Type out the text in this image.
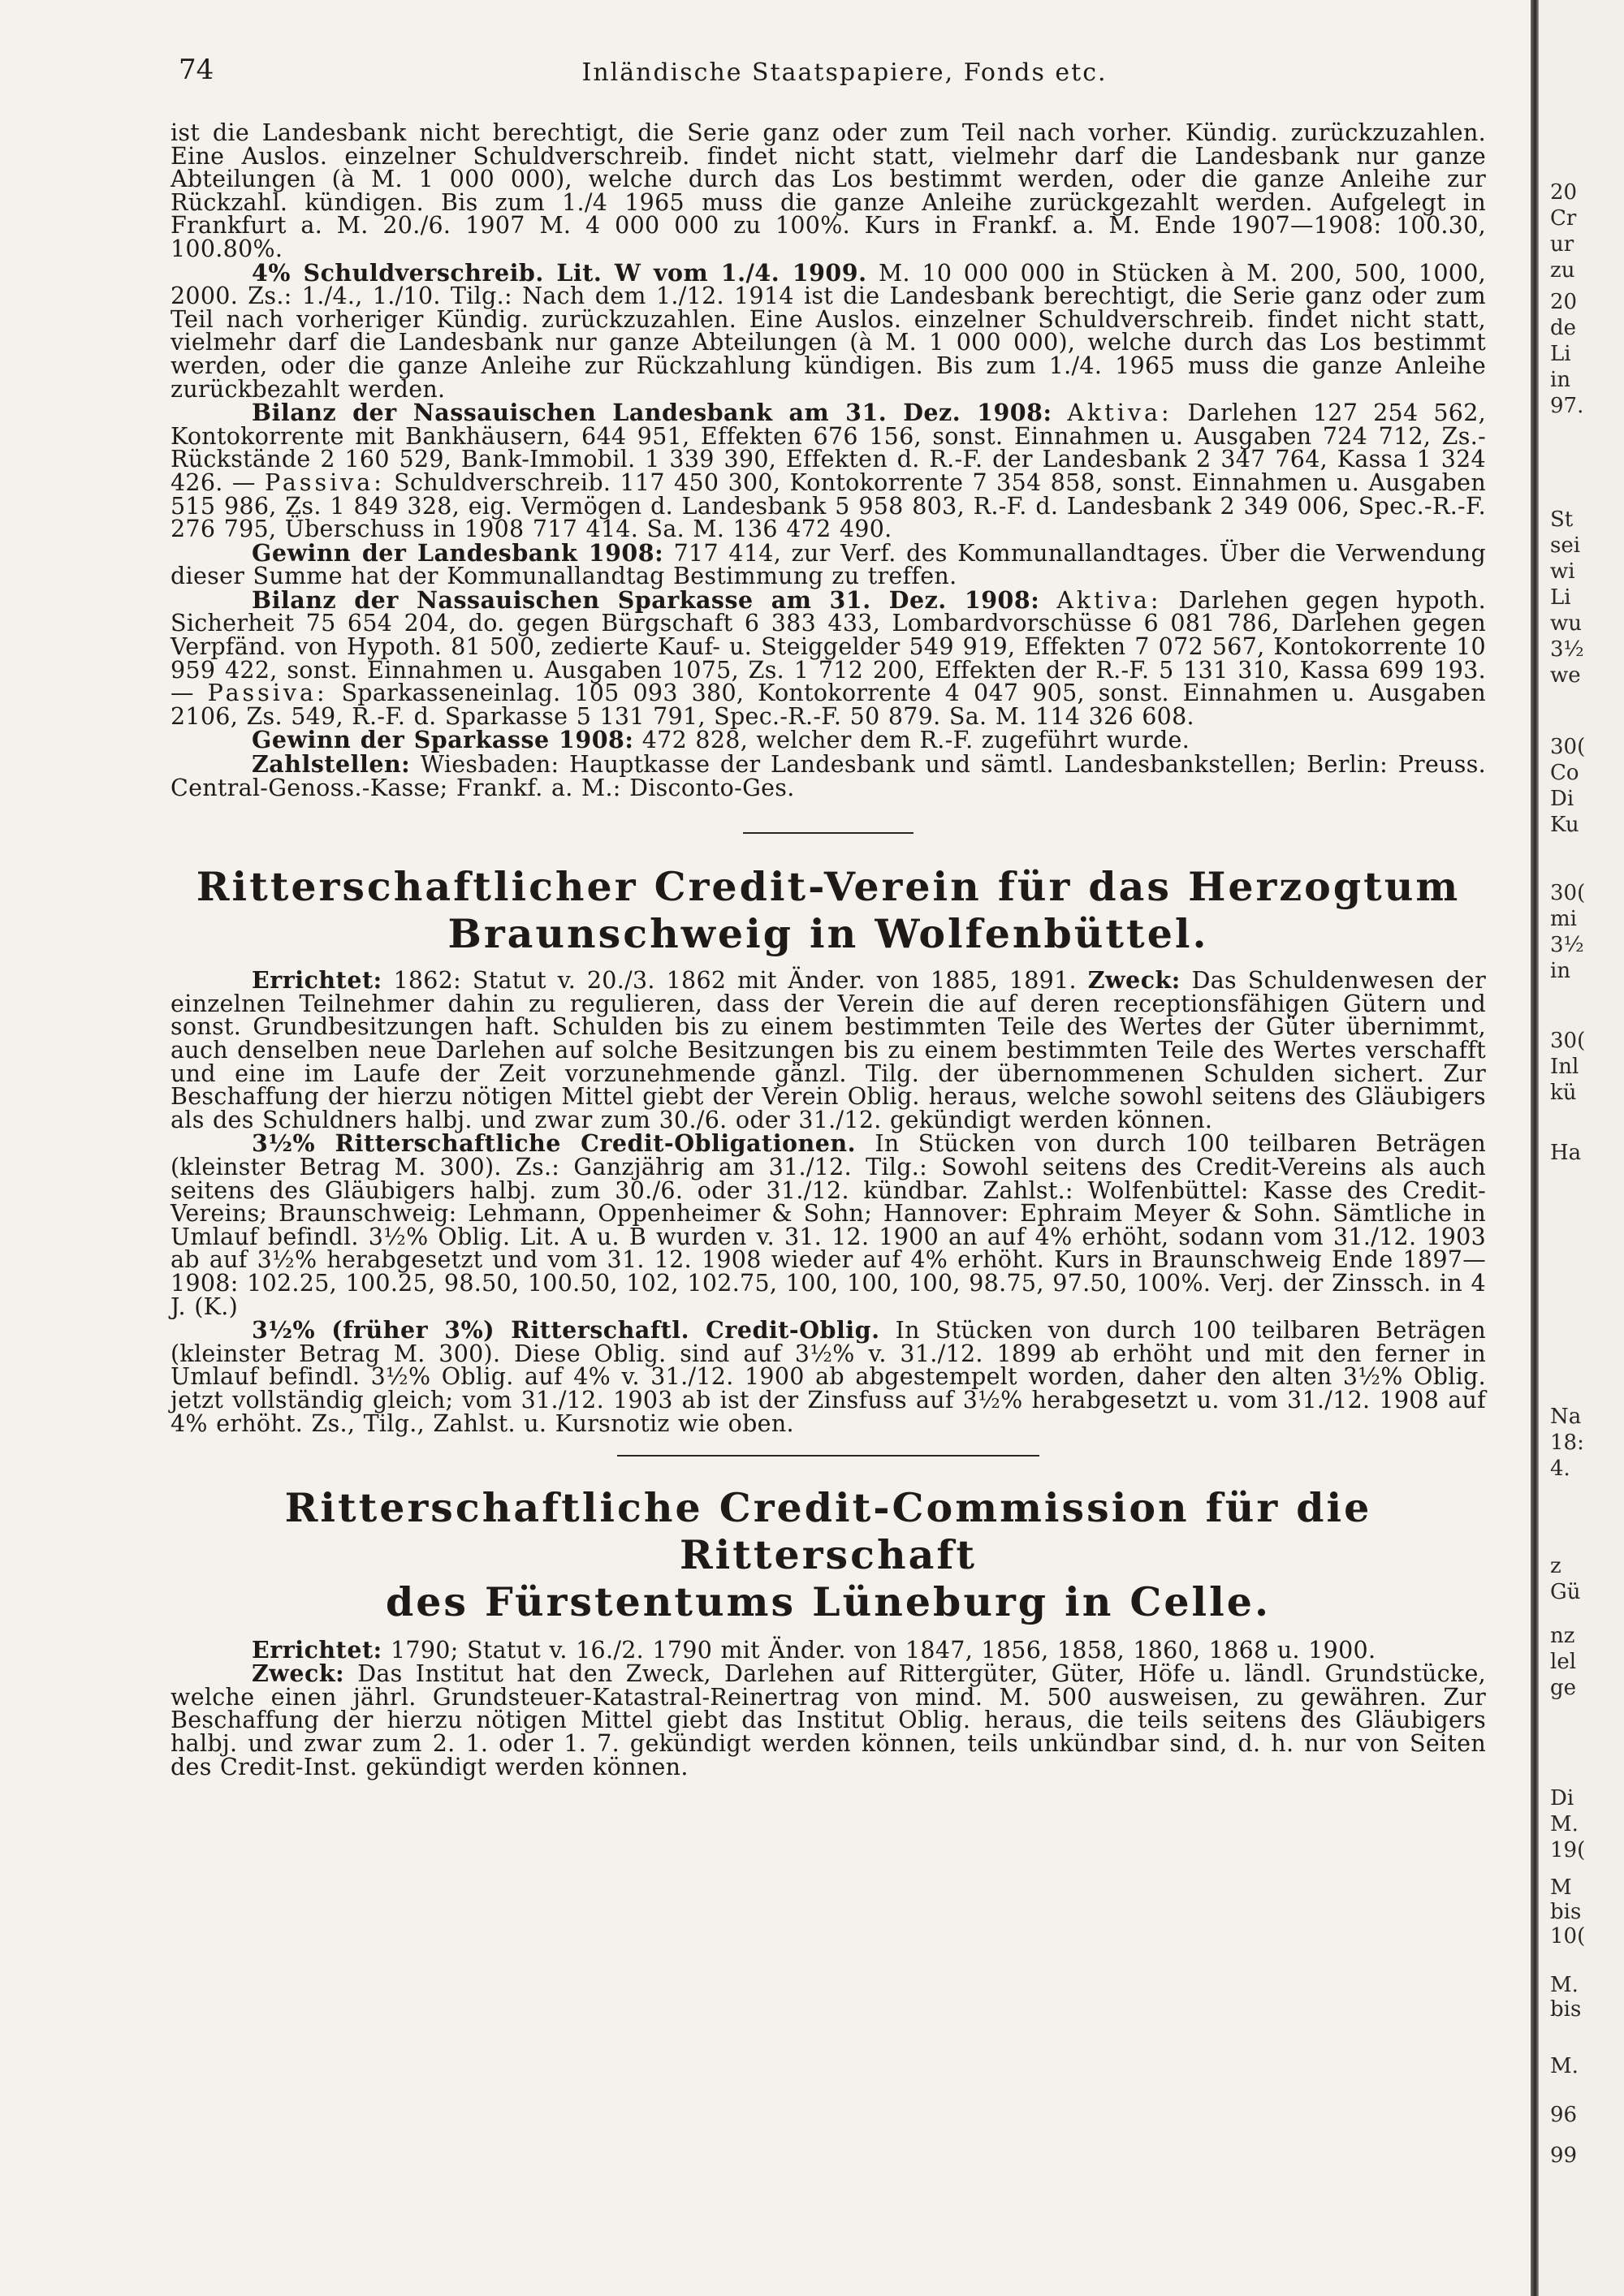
74	Inländische Staatspapiere, Fonds etc.

ist die Landesbank nicht berechtigt, die Serie ganz oder zum Teil nach vorher. Kündig. zurückzuzahlen. Eine Auslos. einzelner Schuldverschreib. findet nicht statt, vielmehr darf die Landesbank nur ganze Abteilungen (à M. 1 000 000), welche durch das Los bestimmt werden, oder die ganze Anleihe zur Rückzahl. kündigen. Bis zum 1./4 1965 muss die ganze Anleihe zurückgezahlt werden. Aufgelegt in Frankfurt a. M. 20./6. 1907 M. 4 000 000 zu 100%. Kurs in Frankf. a. M. Ende 1907—1908: 100.30, 100.80%.

4% Schuldverschreib. Lit. W vom 1./4. 1909. M. 10 000 000 in Stücken à M. 200, 500, 1000, 2000. Zs.: 1./4., 1./10. Tilg.: Nach dem 1./12. 1914 ist die Landesbank berechtigt, die Serie ganz oder zum Teil nach vorheriger Kündig. zurückzuzahlen. Eine Auslos. einzelner Schuldverschreib. findet nicht statt, vielmehr darf die Landesbank nur ganze Abteilungen (à M. 1 000 000), welche durch das Los bestimmt werden, oder die ganze Anleihe zur Rückzahlung kündigen. Bis zum 1./4. 1965 muss die ganze Anleihe zurückbezahlt werden.

Bilanz der Nassauischen Landesbank am 31. Dez. 1908: Aktiva: Darlehen 127 254 562, Kontokorrente mit Bankhäusern, 644 951, Effekten 676 156, sonst. Einnahmen u. Ausgaben 724 712, Zs.-Rückstände 2 160 529, Bank-Immobil. 1 339 390, Effekten d. R.-F. der Landesbank 2 347 764, Kassa 1 324 426. — Passiva: Schuldverschreib. 117 450 300, Kontokorrente 7 354 858, sonst. Einnahmen u. Ausgaben 515 986, Zs. 1 849 328, eig. Vermögen d. Landesbank 5 958 803, R.-F. d. Landesbank 2 349 006, Spec.-R.-F. 276 795, Überschuss in 1908 717 414. Sa. M. 136 472 490.

Gewinn der Landesbank 1908: 717 414, zur Verf. des Kommunallandtages. Über die Verwendung dieser Summe hat der Kommunallandtag Bestimmung zu treffen.

Bilanz der Nassauischen Sparkasse am 31. Dez. 1908: Aktiva: Darlehen gegen hypoth. Sicherheit 75 654 204, do. gegen Bürgschaft 6 383 433, Lombardvorschüsse 6 081 786, Darlehen gegen Verpfänd. von Hypoth. 81 500, zedierte Kauf- u. Steiggelder 549 919, Effekten 7 072 567, Kontokorrente 10 959 422, sonst. Einnahmen u. Ausgaben 1075, Zs. 1 712 200, Effekten der R.-F. 5 131 310, Kassa 699 193. — Passiva: Sparkasseneinlag. 105 093 380, Kontokorrente 4 047 905, sonst. Einnahmen u. Ausgaben 2106, Zs. 549, R.-F. d. Sparkasse 5 131 791, Spec.-R.-F. 50 879. Sa. M. 114 326 608.

Gewinn der Sparkasse 1908: 472 828, welcher dem R.-F. zugeführt wurde.

Zahlstellen: Wiesbaden: Hauptkasse der Landesbank und sämtl. Landesbankstellen; Berlin: Preuss. Central-Genoss.-Kasse; Frankf. a. M.: Disconto-Ges.

Ritterschaftlicher Credit-Verein für das Herzogtum
Braunschweig in Wolfenbüttel.

Errichtet: 1862: Statut v. 20./3. 1862 mit Änder. von 1885, 1891. Zweck: Das Schuldenwesen der einzelnen Teilnehmer dahin zu regulieren, dass der Verein die auf deren receptionsfähigen Gütern und sonst. Grundbesitzungen haft. Schulden bis zu einem bestimmten Teile des Wertes der Güter übernimmt, auch denselben neue Darlehen auf solche Besitzungen bis zu einem bestimmten Teile des Wertes verschafft und eine im Laufe der Zeit vorzunehmende gänzl. Tilg. der übernommenen Schulden sichert. Zur Beschaffung der hierzu nötigen Mittel giebt der Verein Oblig. heraus, welche sowohl seitens des Gläubigers als des Schuldners halbj. und zwar zum 30./6. oder 31./12. gekündigt werden können.

3½% Ritterschaftliche Credit-Obligationen. In Stücken von durch 100 teilbaren Beträgen (kleinster Betrag M. 300). Zs.: Ganzjährig am 31./12. Tilg.: Sowohl seitens des Credit-Vereins als auch seitens des Gläubigers halbj. zum 30./6. oder 31./12. kündbar. Zahlst.: Wolfenbüttel: Kasse des Credit-Vereins; Braunschweig: Lehmann, Oppenheimer & Sohn; Hannover: Ephraim Meyer & Sohn. Sämtliche in Umlauf befindl. 3½% Oblig. Lit. A u. B wurden v. 31. 12. 1900 an auf 4% erhöht, sodann vom 31./12. 1903 ab auf 3½% herabgesetzt und vom 31. 12. 1908 wieder auf 4% erhöht. Kurs in Braunschweig Ende 1897—1908: 102.25, 100.25, 98.50, 100.50, 102, 102.75, 100, 100, 100, 98.75, 97.50, 100%. Verj. der Zinssch. in 4 J. (K.)

3½% (früher 3%) Ritterschaftl. Credit-Oblig. In Stücken von durch 100 teilbaren Beträgen (kleinster Betrag M. 300). Diese Oblig. sind auf 3½% v. 31./12. 1899 ab erhöht und mit den ferner in Umlauf befindl. 3½% Oblig. auf 4% v. 31./12. 1900 ab abgestempelt worden, daher den alten 3½% Oblig. jetzt vollständig gleich; vom 31./12. 1903 ab ist der Zinsfuss auf 3½% herabgesetzt u. vom 31./12. 1908 auf 4% erhöht. Zs., Tilg., Zahlst. u. Kursnotiz wie oben.

Ritterschaftliche Credit-Commission für die Ritterschaft
des Fürstentums Lüneburg in Celle.

Errichtet: 1790; Statut v. 16./2. 1790 mit Änder. von 1847, 1856, 1858, 1860, 1868 u. 1900.

Zweck: Das Institut hat den Zweck, Darlehen auf Rittergüter, Güter, Höfe u. ländl. Grundstücke, welche einen jährl. Grundsteuer-Katastral-Reinertrag von mind. M. 500 ausweisen, zu gewähren. Zur Beschaffung der hierzu nötigen Mittel giebt das Institut Oblig. heraus, die teils seitens des Gläubigers halbj. und zwar zum 2. 1. oder 1. 7. gekündigt werden können, teils unkündbar sind, d. h. nur von Seiten des Credit-Inst. gekündigt werden können.

20
Cr
ur
zu
20
de
Li
in
97.
St
sei
wi
Li
wu
3½
we
30(
Co
Di
Ku
30(
mi
3½
in
30(
Inl
kü
Ha
Na
18:
4.
z
Gü
nz
lel
ge
Di
M.
19(
M
bis
10(
M.
bis
M.
96
99
